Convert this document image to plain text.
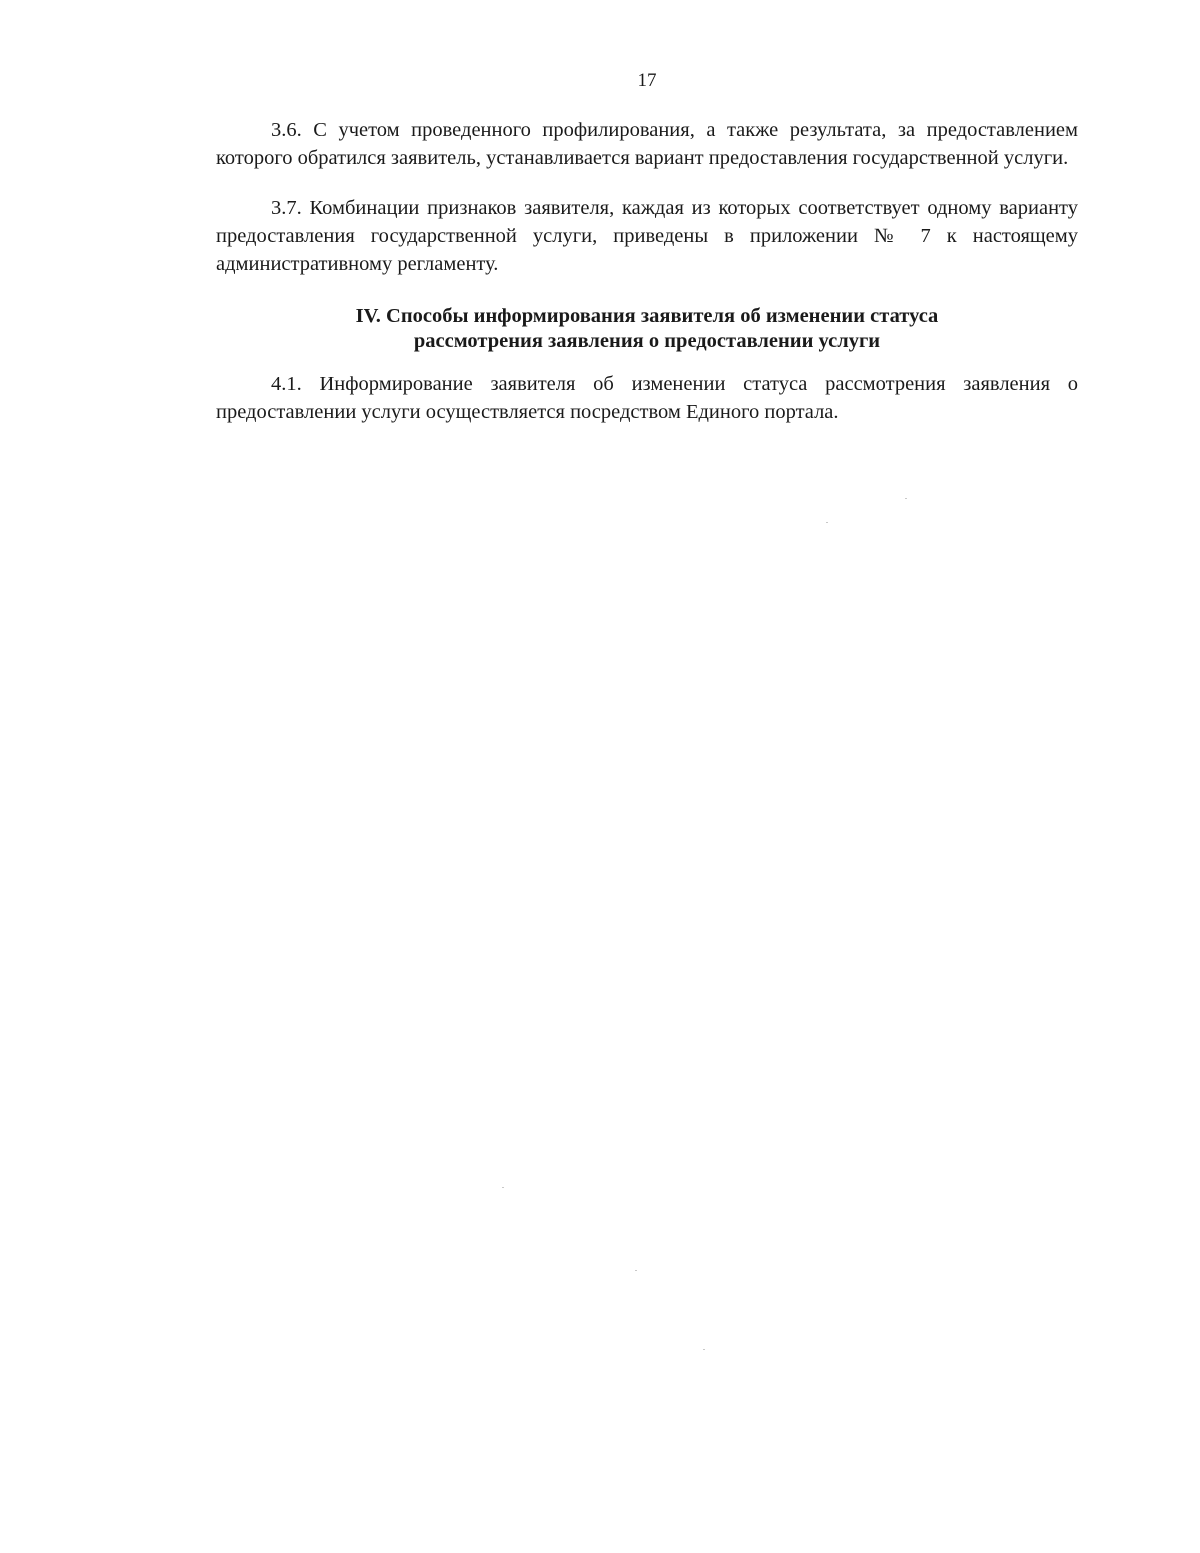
17

3.6. С учетом проведенного профилирования, а также результата, за предоставлением которого обратился заявитель, устанавливается вариант предоставления государственной услуги.

3.7. Комбинации признаков заявителя, каждая из которых соответствует одному варианту предоставления государственной услуги, приведены в приложении № 7 к настоящему административному регламенту.

IV. Способы информирования заявителя об изменении статуса
рассмотрения заявления о предоставлении услуги

4.1. Информирование заявителя об изменении статуса рассмотрения заявления о предоставлении услуги осуществляется посредством Единого портала.
